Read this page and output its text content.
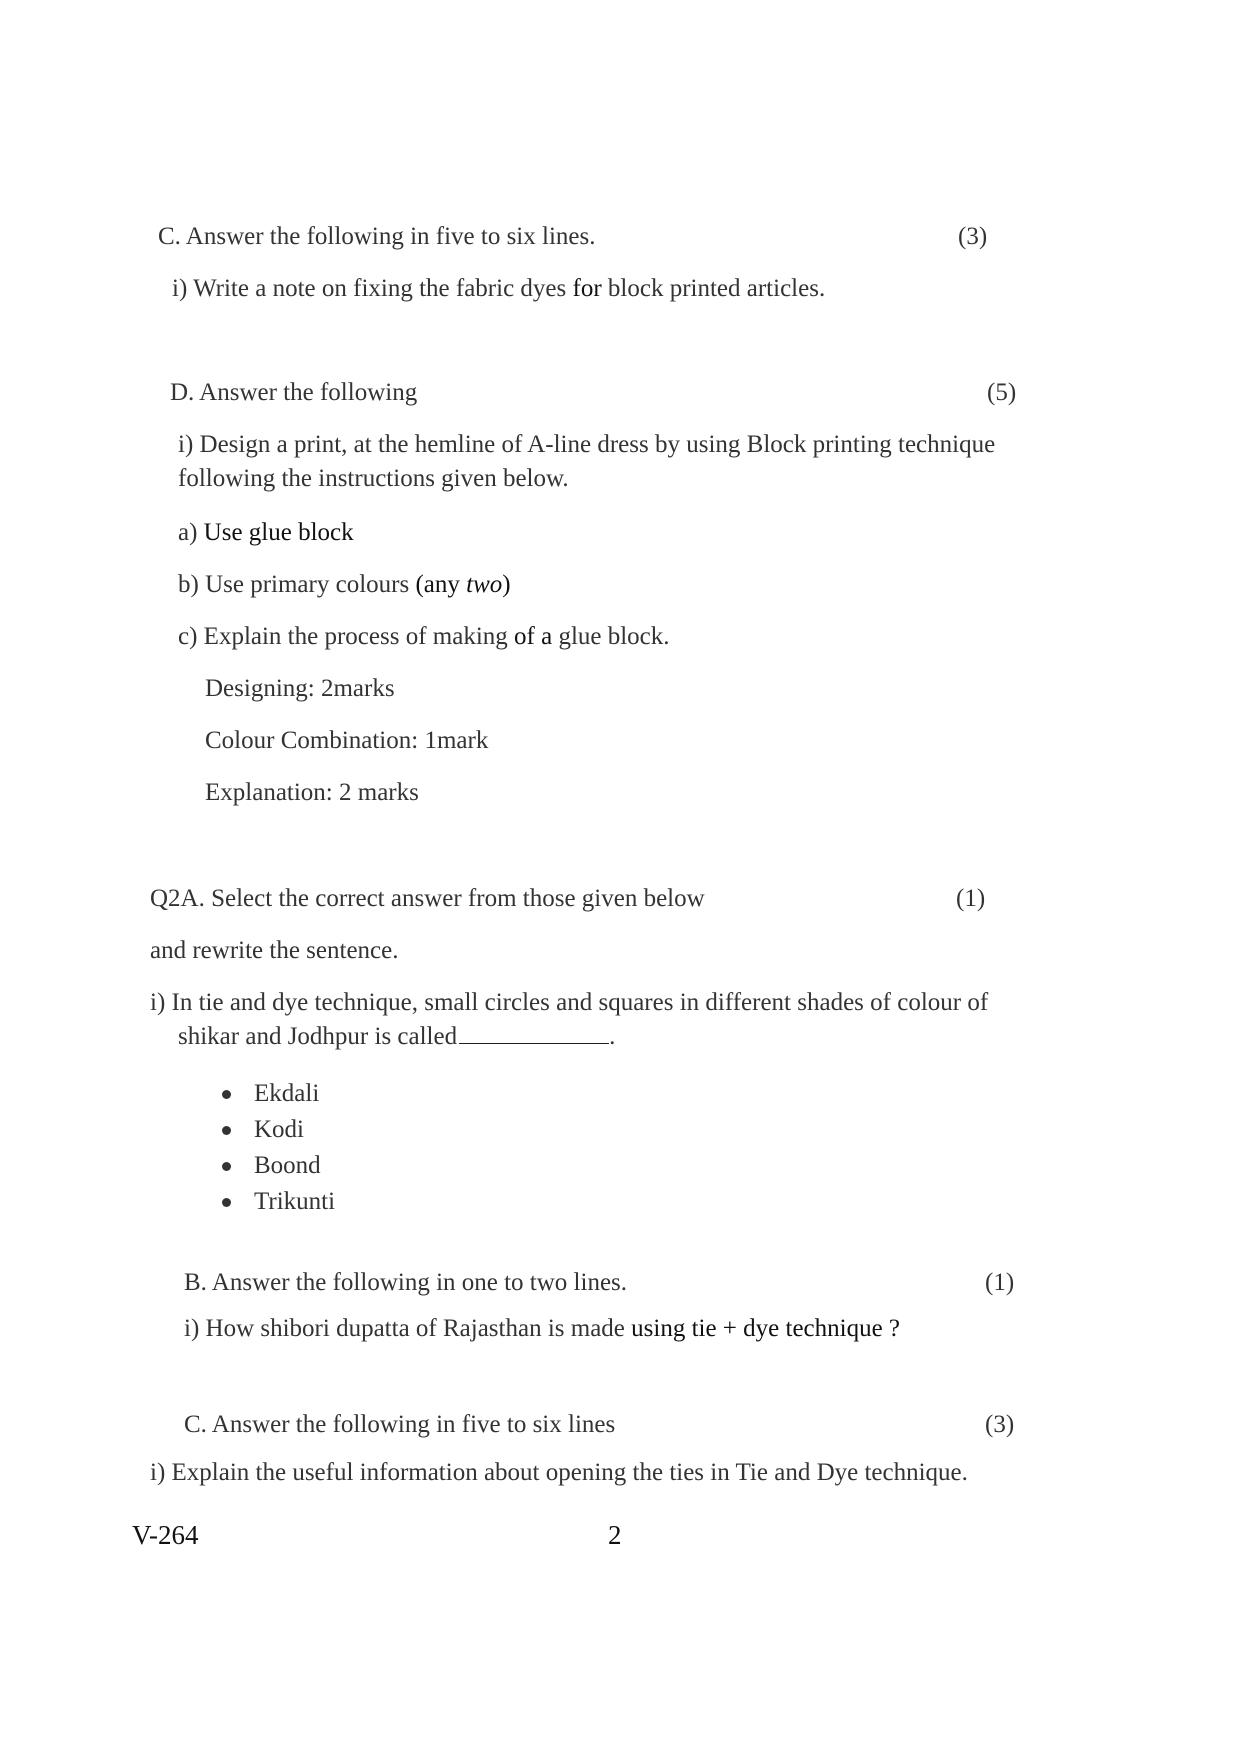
C. Answer the following in five to six lines.	(3)
i) Write a note on fixing the fabric dyes for block printed articles.
D. Answer the following	(5)
i) Design a print, at the hemline of A-line dress by using Block printing technique
following the instructions given below.
a) Use glue block
b) Use primary colours (any two)
c) Explain the process of making of a glue block.
Designing: 2marks
Colour Combination: 1mark
Explanation: 2 marks
Q2A. Select the correct answer from those given below	(1)
and rewrite the sentence.
i) In tie and dye technique, small circles and squares in different shades of colour of
shikar and Jodhpur is called	.
Ekdali
Kodi
Boond
Trikunti
B. Answer the following in one to two lines.	(1)
i) How shibori dupatta of Rajasthan is made using tie + dye technique ?
C. Answer the following in five to six lines	(3)
i) Explain the useful information about opening the ties in Tie and Dye technique.
V-264	2
